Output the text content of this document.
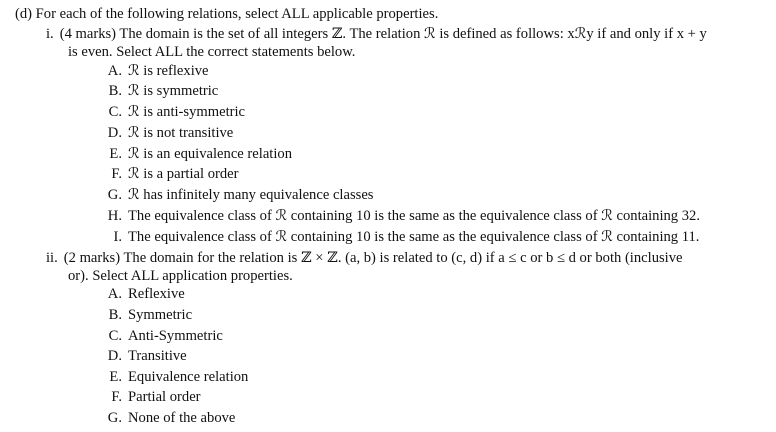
(d) For each of the following relations, select ALL applicable properties.
i. (4 marks) The domain is the set of all integers ℤ. The relation ℛ is defined as follows: xℛy if and only if x + y
is even. Select ALL the correct statements below.
A. ℛ is reflexive
B. ℛ is symmetric
C. ℛ is anti-symmetric
D. ℛ is not transitive
E. ℛ is an equivalence relation
F. ℛ is a partial order
G. ℛ has infinitely many equivalence classes
H. The equivalence class of ℛ containing 10 is the same as the equivalence class of ℛ containing 32.
I. The equivalence class of ℛ containing 10 is the same as the equivalence class of ℛ containing 11.
ii. (2 marks) The domain for the relation is ℤ × ℤ. (a, b) is related to (c, d) if a ≤ c or b ≤ d or both (inclusive
or). Select ALL application properties.
A. Reflexive
B. Symmetric
C. Anti-Symmetric
D. Transitive
E. Equivalence relation
F. Partial order
G. None of the above
